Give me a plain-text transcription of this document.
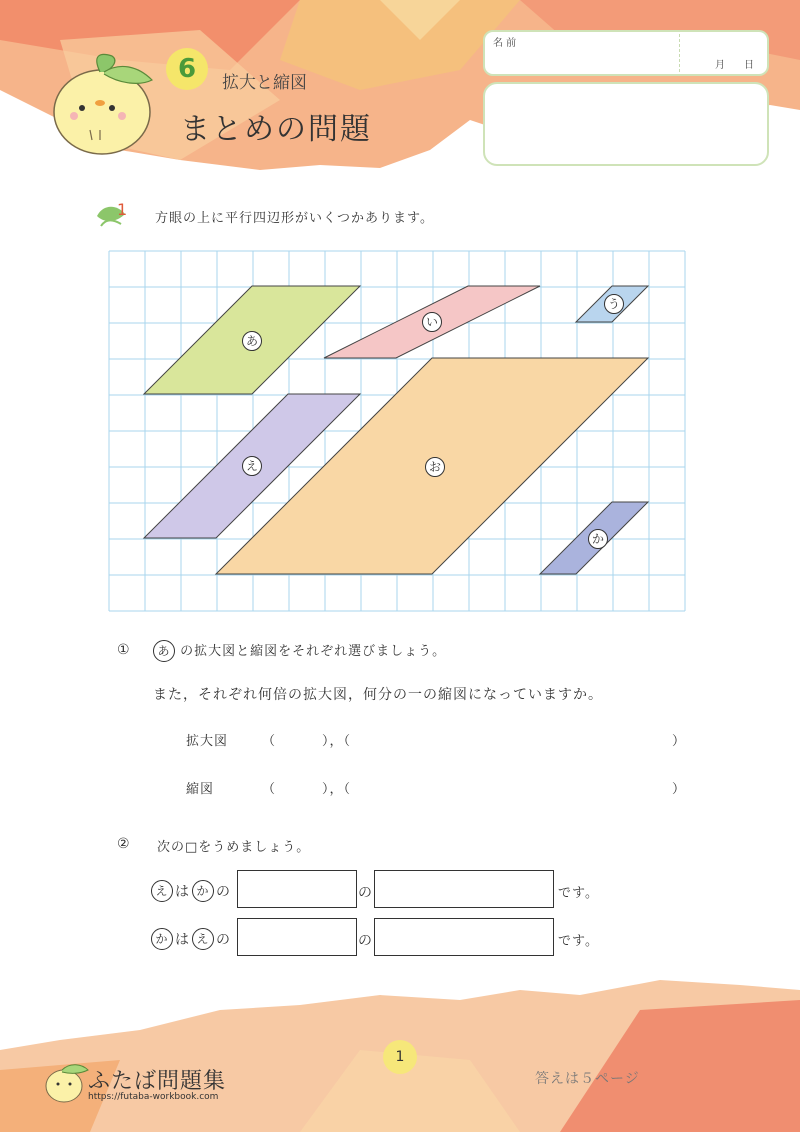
6	拡大と縮図
まとめの問題
名 前
月 日
1 方眼の上に平行四辺形がいくつかあります。
あ
い
う
え	お
か
①	あ の拡大図と縮図をそれぞれ選びましょう。
また，それぞれ何倍の拡大図，何分の一の縮図になっていますか。
拡大図	（	），（	）
縮図	（	），（	）
② 次の□をうめましょう。
え は か の	の	です。
か は え の	の	です。
1
ふたば問題集
https://futaba-workbook.com
答えは５ページ
